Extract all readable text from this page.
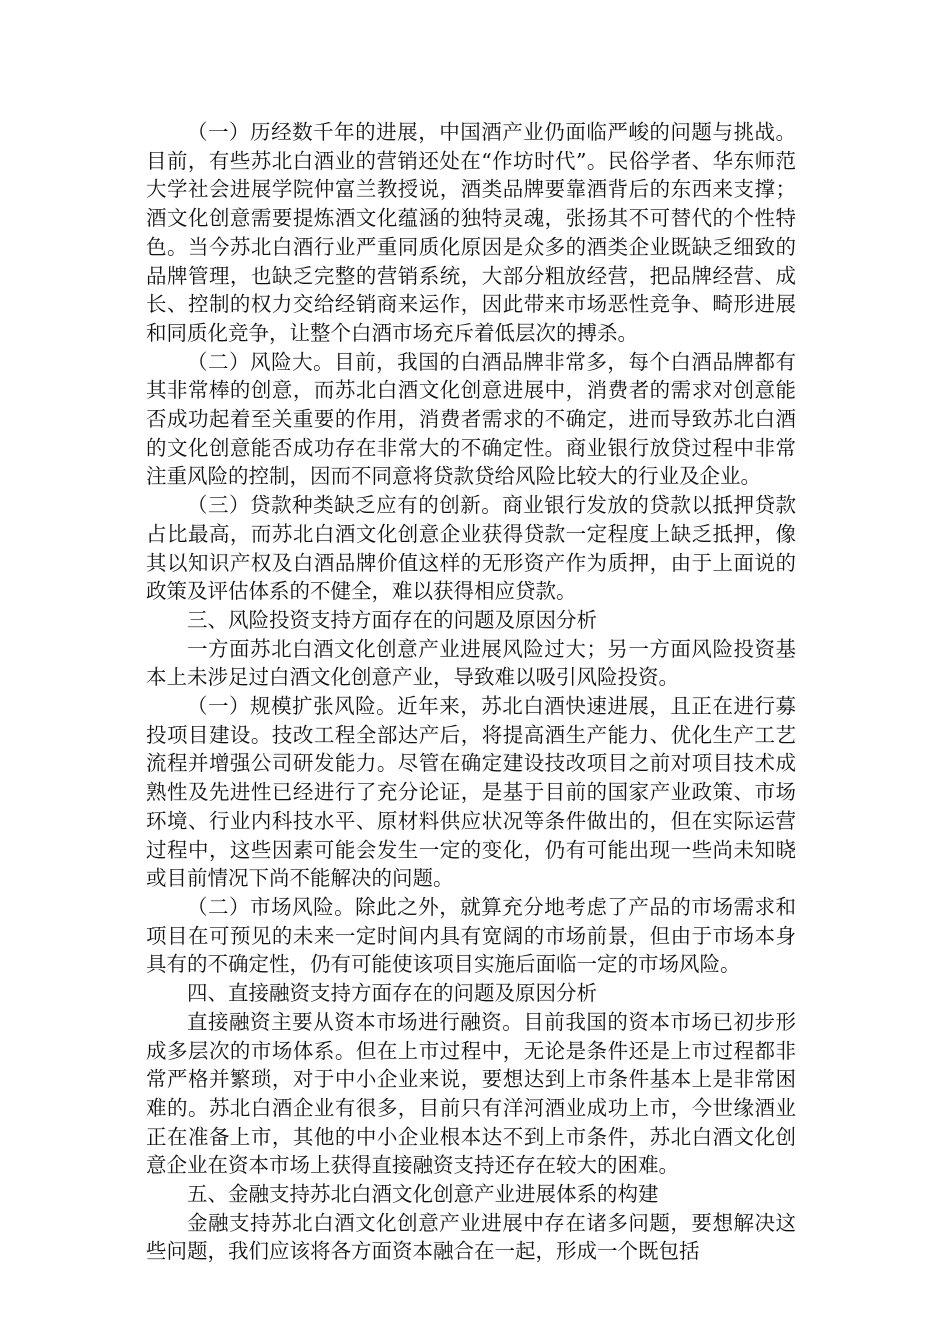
（一）历经数千年的进展，中国酒产业仍面临严峻的问题与挑战。目前，有些苏北白酒业的营销还处在“作坊时代”。民俗学者、华东师范大学社会进展学院仲富兰教授说，酒类品牌要靠酒背后的东西来支撑；酒文化创意需要提炼酒文化蕴涵的独特灵魂，张扬其不可替代的个性特色。当今苏北白酒行业严重同质化原因是众多的酒类企业既缺乏细致的品牌管理，也缺乏完整的营销系统，大部分粗放经营，把品牌经营、成长、控制的权力交给经销商来运作，因此带来市场恶性竞争、畸形进展和同质化竞争，让整个白酒市场充斥着低层次的搏杀。

（二）风险大。目前，我国的白酒品牌非常多，每个白酒品牌都有其非常棒的创意，而苏北白酒文化创意进展中，消费者的需求对创意能否成功起着至关重要的作用，消费者需求的不确定，进而导致苏北白酒的文化创意能否成功存在非常大的不确定性。商业银行放贷过程中非常注重风险的控制，因而不同意将贷款贷给风险比较大的行业及企业。

（三）贷款种类缺乏应有的创新。商业银行发放的贷款以抵押贷款占比最高，而苏北白酒文化创意企业获得贷款一定程度上缺乏抵押，像其以知识产权及白酒品牌价值这样的无形资产作为质押，由于上面说的政策及评估体系的不健全，难以获得相应贷款。

三、风险投资支持方面存在的问题及原因分析

一方面苏北白酒文化创意产业进展风险过大；另一方面风险投资基本上未涉足过白酒文化创意产业，导致难以吸引风险投资。

（一）规模扩张风险。近年来，苏北白酒快速进展，且正在进行募投项目建设。技改工程全部达产后，将提高酒生产能力、优化生产工艺流程并增强公司研发能力。尽管在确定建设技改项目之前对项目技术成熟性及先进性已经进行了充分论证，是基于目前的国家产业政策、市场环境、行业内科技水平、原材料供应状况等条件做出的，但在实际运营过程中，这些因素可能会发生一定的变化，仍有可能出现一些尚未知晓或目前情况下尚不能解决的问题。

（二）市场风险。除此之外，就算充分地考虑了产品的市场需求和项目在可预见的未来一定时间内具有宽阔的市场前景，但由于市场本身具有的不确定性，仍有可能使该项目实施后面临一定的市场风险。

四、直接融资支持方面存在的问题及原因分析

直接融资主要从资本市场进行融资。目前我国的资本市场已初步形成多层次的市场体系。但在上市过程中，无论是条件还是上市过程都非常严格并繁琐，对于中小企业来说，要想达到上市条件基本上是非常困难的。苏北白酒企业有很多，目前只有洋河酒业成功上市，今世缘酒业正在准备上市，其他的中小企业根本达不到上市条件，苏北白酒文化创意企业在资本市场上获得直接融资支持还存在较大的困难。

五、金融支持苏北白酒文化创意产业进展体系的构建

金融支持苏北白酒文化创意产业进展中存在诸多问题，要想解决这些问题，我们应该将各方面资本融合在一起，形成一个既包括
